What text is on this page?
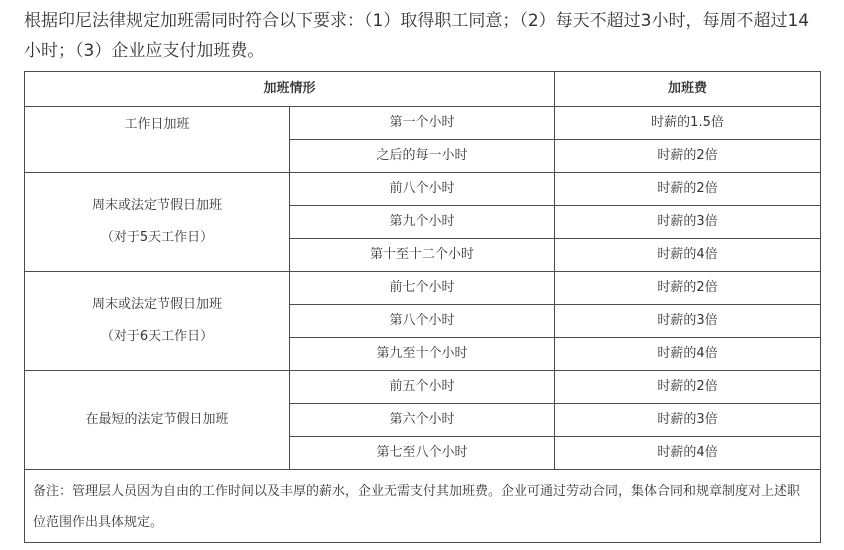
根据印尼法律规定加班需同时符合以下要求：（1）取得职工同意；（2）每天不超过3小时，每周不超过14小时；（3）企业应支付加班费。

加班情形		加班费

工作日加班	第一个小时	时薪的1.5倍
	之后的每一小时	时薪的2倍

周末或法定节假日加班
（对于5天工作日）	前八个小时	时薪的2倍
	第九个小时	时薪的3倍
	第十至十二个小时	时薪的4倍

周末或法定节假日加班
（对于6天工作日）	前七个小时	时薪的2倍
	第八个小时	时薪的3倍
	第九至十个小时	时薪的4倍

在最短的法定节假日加班	前五个小时	时薪的2倍
	第六个小时	时薪的3倍
	第七至八个小时	时薪的4倍
备注：管理层人员因为自由的工作时间以及丰厚的薪水，企业无需支付其加班费。企业可通过劳动合同，集体合同和规章制度对上述职位范围作出具体规定。		
